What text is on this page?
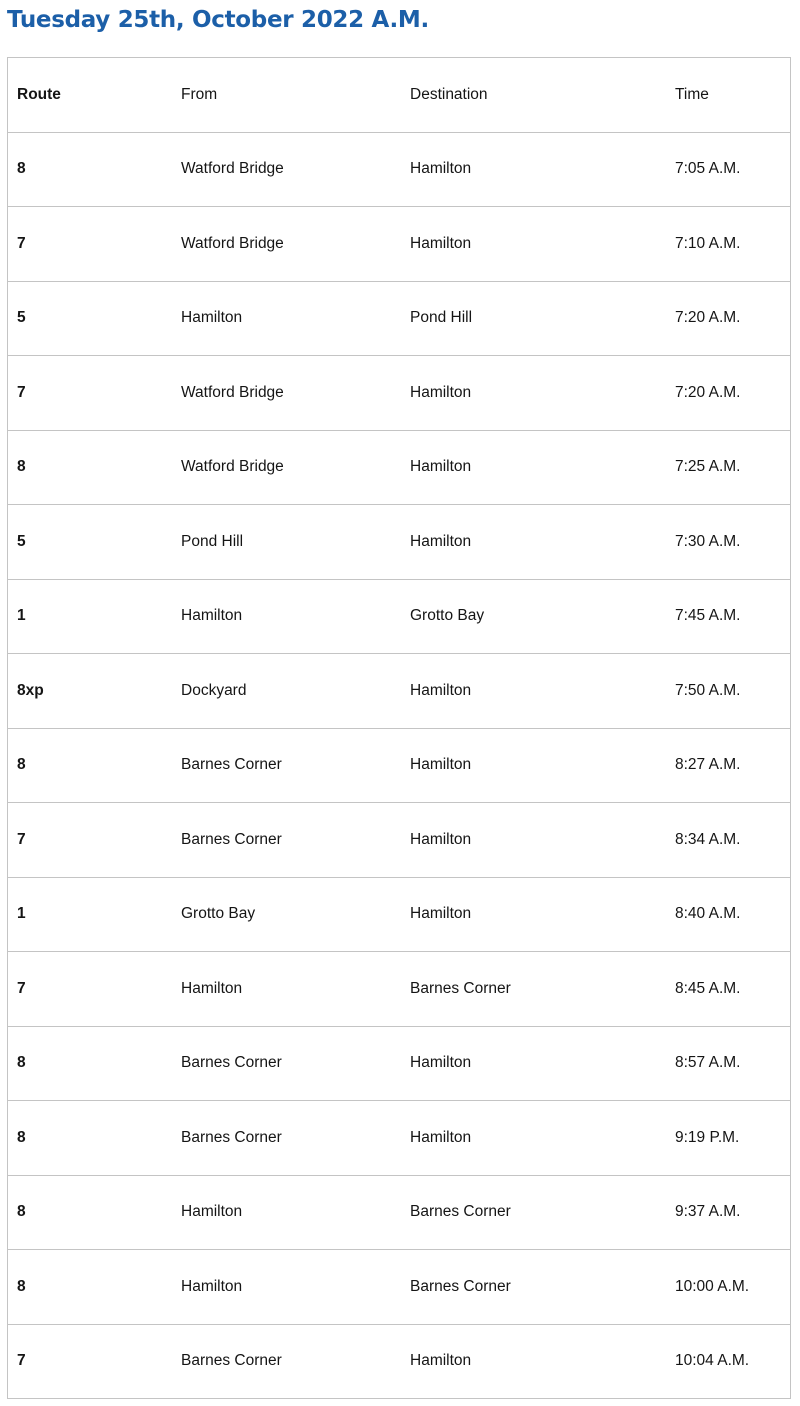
Tuesday 25th, October 2022 A.M.
Route	From	Destination	Time
8	Watford Bridge	Hamilton	7:05 A.M.
7	Watford Bridge	Hamilton	7:10 A.M.
5	Hamilton	Pond Hill	7:20 A.M.
7	Watford Bridge	Hamilton	7:20 A.M.
8	Watford Bridge	Hamilton	7:25 A.M.
5	Pond Hill	Hamilton	7:30 A.M.
1	Hamilton	Grotto Bay	7:45 A.M.
8xp	Dockyard	Hamilton	7:50 A.M.
8	Barnes Corner	Hamilton	8:27 A.M.
7	Barnes Corner	Hamilton	8:34 A.M.
1	Grotto Bay	Hamilton	8:40 A.M.
7	Hamilton	Barnes Corner	8:45 A.M.
8	Barnes Corner	Hamilton	8:57 A.M.
8	Barnes Corner	Hamilton	9:19 P.M.
8	Hamilton	Barnes Corner	9:37 A.M.
8	Hamilton	Barnes Corner	10:00 A.M.
7	Barnes Corner	Hamilton	10:04 A.M.
